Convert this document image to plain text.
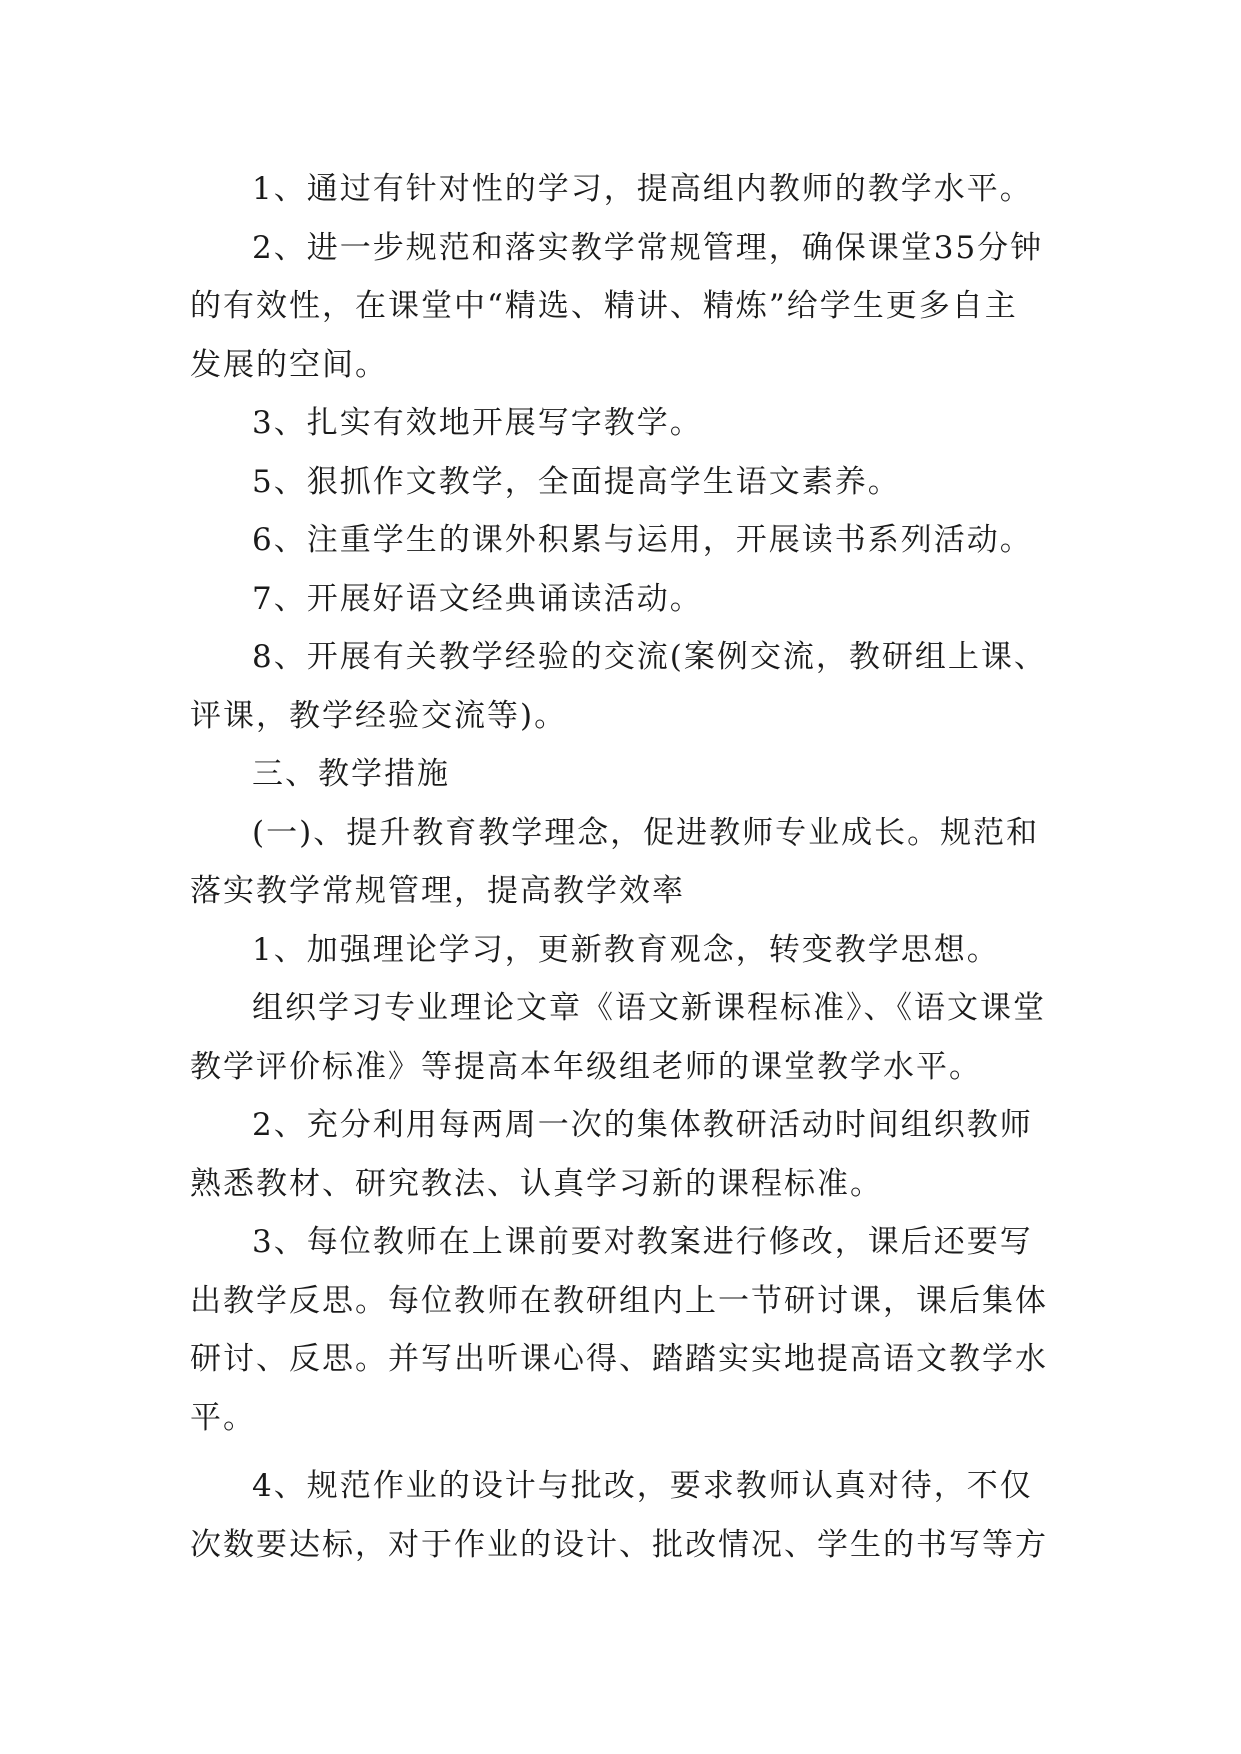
1、通过有针对性的学习，提高组内教师的教学水平。

2、进一步规范和落实教学常规管理，确保课堂35分钟
的有效性，在课堂中“精选、精讲、精炼”给学生更多自主
发展的空间。

3、扎实有效地开展写字教学。

5、狠抓作文教学，全面提高学生语文素养。

6、注重学生的课外积累与运用，开展读书系列活动。

7、开展好语文经典诵读活动。

8、开展有关教学经验的交流(案例交流，教研组上课、
评课，教学经验交流等)。

三、教学措施

(一)、提升教育教学理念，促进教师专业成长。规范和
落实教学常规管理，提高教学效率

1、加强理论学习，更新教育观念，转变教学思想。

组织学习专业理论文章《语文新课程标准》、《语文课堂
教学评价标准》等提高本年级组老师的课堂教学水平。

2、充分利用每两周一次的集体教研活动时间组织教师
熟悉教材、研究教法、认真学习新的课程标准。

3、每位教师在上课前要对教案进行修改，课后还要写
出教学反思。每位教师在教研组内上一节研讨课，课后集体
研讨、反思。并写出听课心得、踏踏实实地提高语文教学水
平。

4、规范作业的设计与批改，要求教师认真对待，不仅
次数要达标，对于作业的设计、批改情况、学生的书写等方
